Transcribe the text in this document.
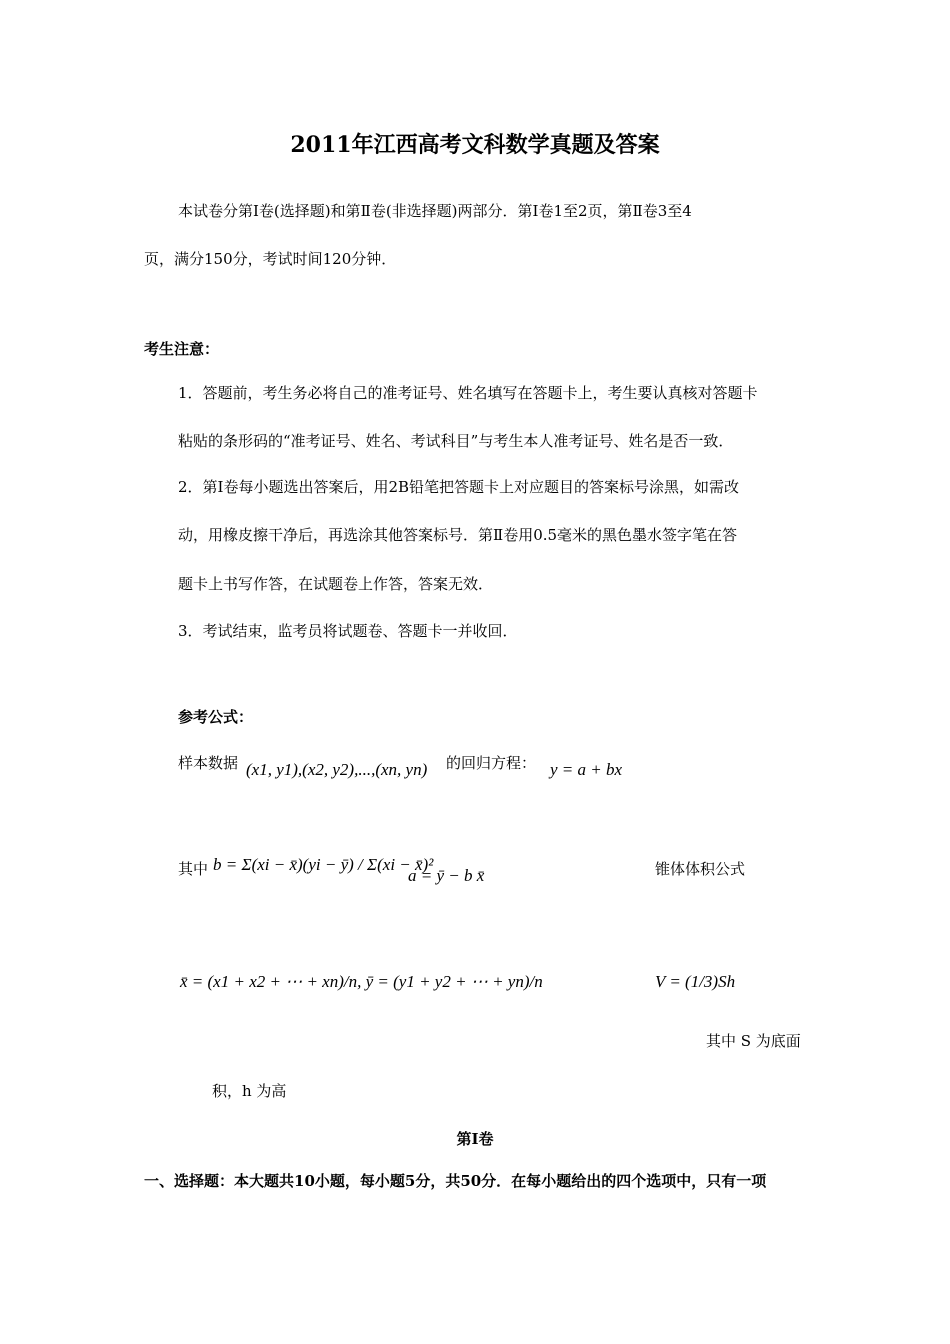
2011年江西高考文科数学真题及答案
本试卷分第Ⅰ卷(选择题)和第Ⅱ卷(非选择题)两部分．第Ⅰ卷1至2页，第Ⅱ卷3至4
页，满分150分，考试时间120分钟．
考生注意：
1．答题前，考生务必将自己的准考证号、姓名填写在答题卡上，考生要认真核对答题卡
粘贴的条形码的“准考证号、姓名、考试科目”与考生本人准考证号、姓名是否一致．
2．第Ⅰ卷每小题选出答案后，用2B铅笔把答题卡上对应题目的答案标号涂黑，如需改
动，用橡皮擦干净后，再选涂其他答案标号．第Ⅱ卷用0.5毫米的黑色墨水签字笔在答
题卡上书写作答，在试题卷上作答，答案无效．
3．考试结束，监考员将试题卷、答题卡一并收回．
参考公式：
样本数据 (x1, y1),(x2, y2),...,(xn, yn) 的回归方程： y = a + bx
其中 b = Σ(xi − x̄)(yi − ȳ) / Σ(xi − x̄)²
a = ȳ − b x̄	锥体体积公式
x̄ = (x1 + x2 + ⋯ + xn)/n, ȳ = (y1 + y2 + ⋯ + yn)/n	V = (1/3)Sh
其中 S 为底面
积，h 为高
第Ⅰ卷
一、选择题：本大题共10小题，每小题5分，共50分．在每小题给出的四个选项中，只有一项
